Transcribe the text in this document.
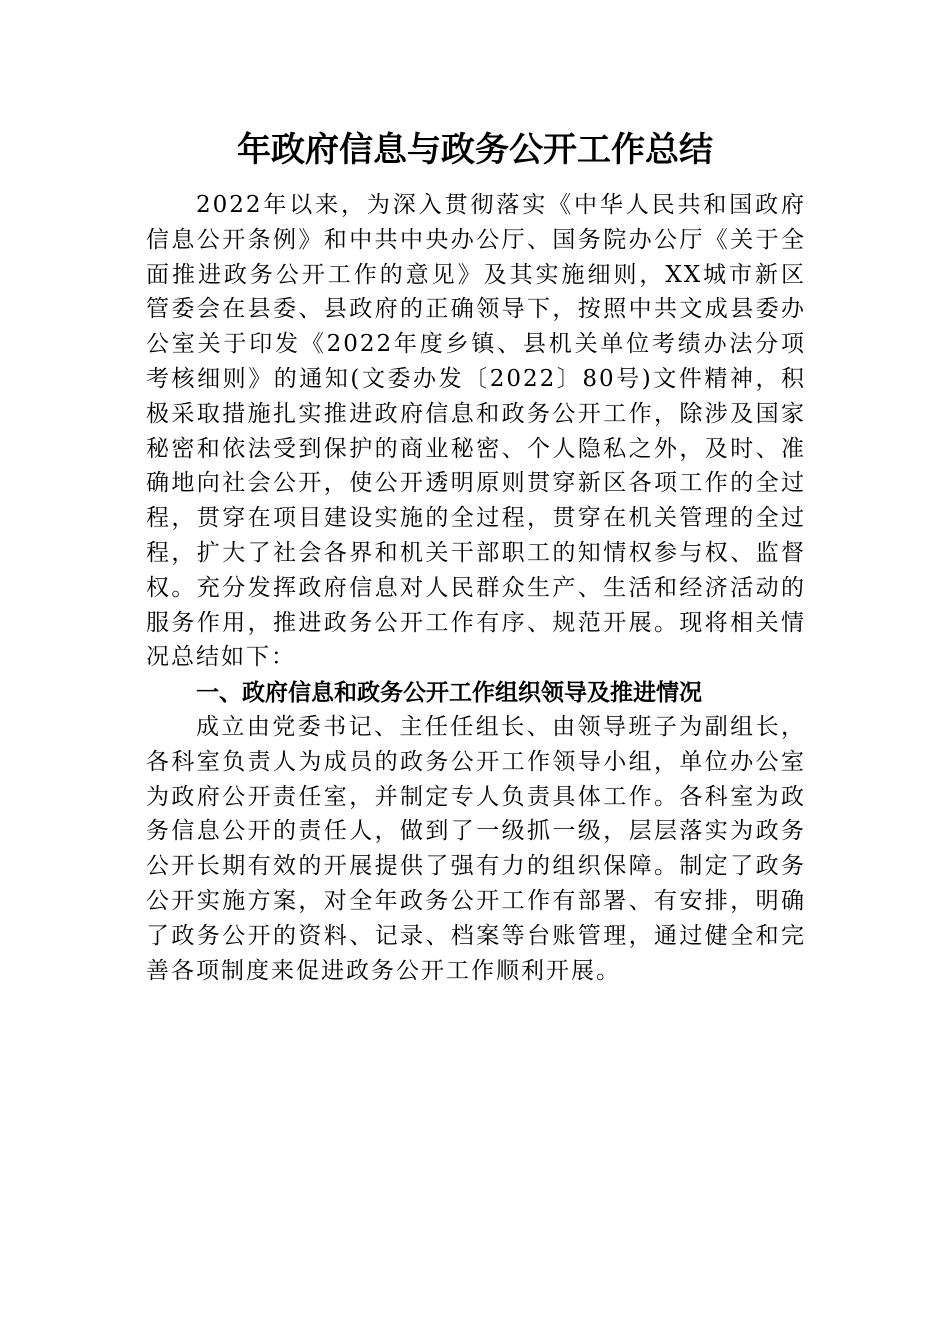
年政府信息与政务公开工作总结

2022年以来，为深入贯彻落实《中华人民共和国政府信息公开条例》和中共中央办公厅、国务院办公厅《关于全面推进政务公开工作的意见》及其实施细则，XX城市新区管委会在县委、县政府的正确领导下，按照中共文成县委办公室关于印发《2022年度乡镇、县机关单位考绩办法分项考核细则》的通知(文委办发〔2022〕80号)文件精神，积极采取措施扎实推进政府信息和政务公开工作，除涉及国家秘密和依法受到保护的商业秘密、个人隐私之外，及时、准确地向社会公开，使公开透明原则贯穿新区各项工作的全过程，贯穿在项目建设实施的全过程，贯穿在机关管理的全过程，扩大了社会各界和机关干部职工的知情权参与权、监督权。充分发挥政府信息对人民群众生产、生活和经济活动的服务作用，推进政务公开工作有序、规范开展。现将相关情况总结如下：

一、政府信息和政务公开工作组织领导及推进情况

成立由党委书记、主任任组长、由领导班子为副组长，各科室负责人为成员的政务公开工作领导小组，单位办公室为政府公开责任室，并制定专人负责具体工作。各科室为政务信息公开的责任人，做到了一级抓一级，层层落实为政务公开长期有效的开展提供了强有力的组织保障。制定了政务公开实施方案，对全年政务公开工作有部署、有安排，明确了政务公开的资料、记录、档案等台账管理，通过健全和完善各项制度来促进政务公开工作顺利开展。
